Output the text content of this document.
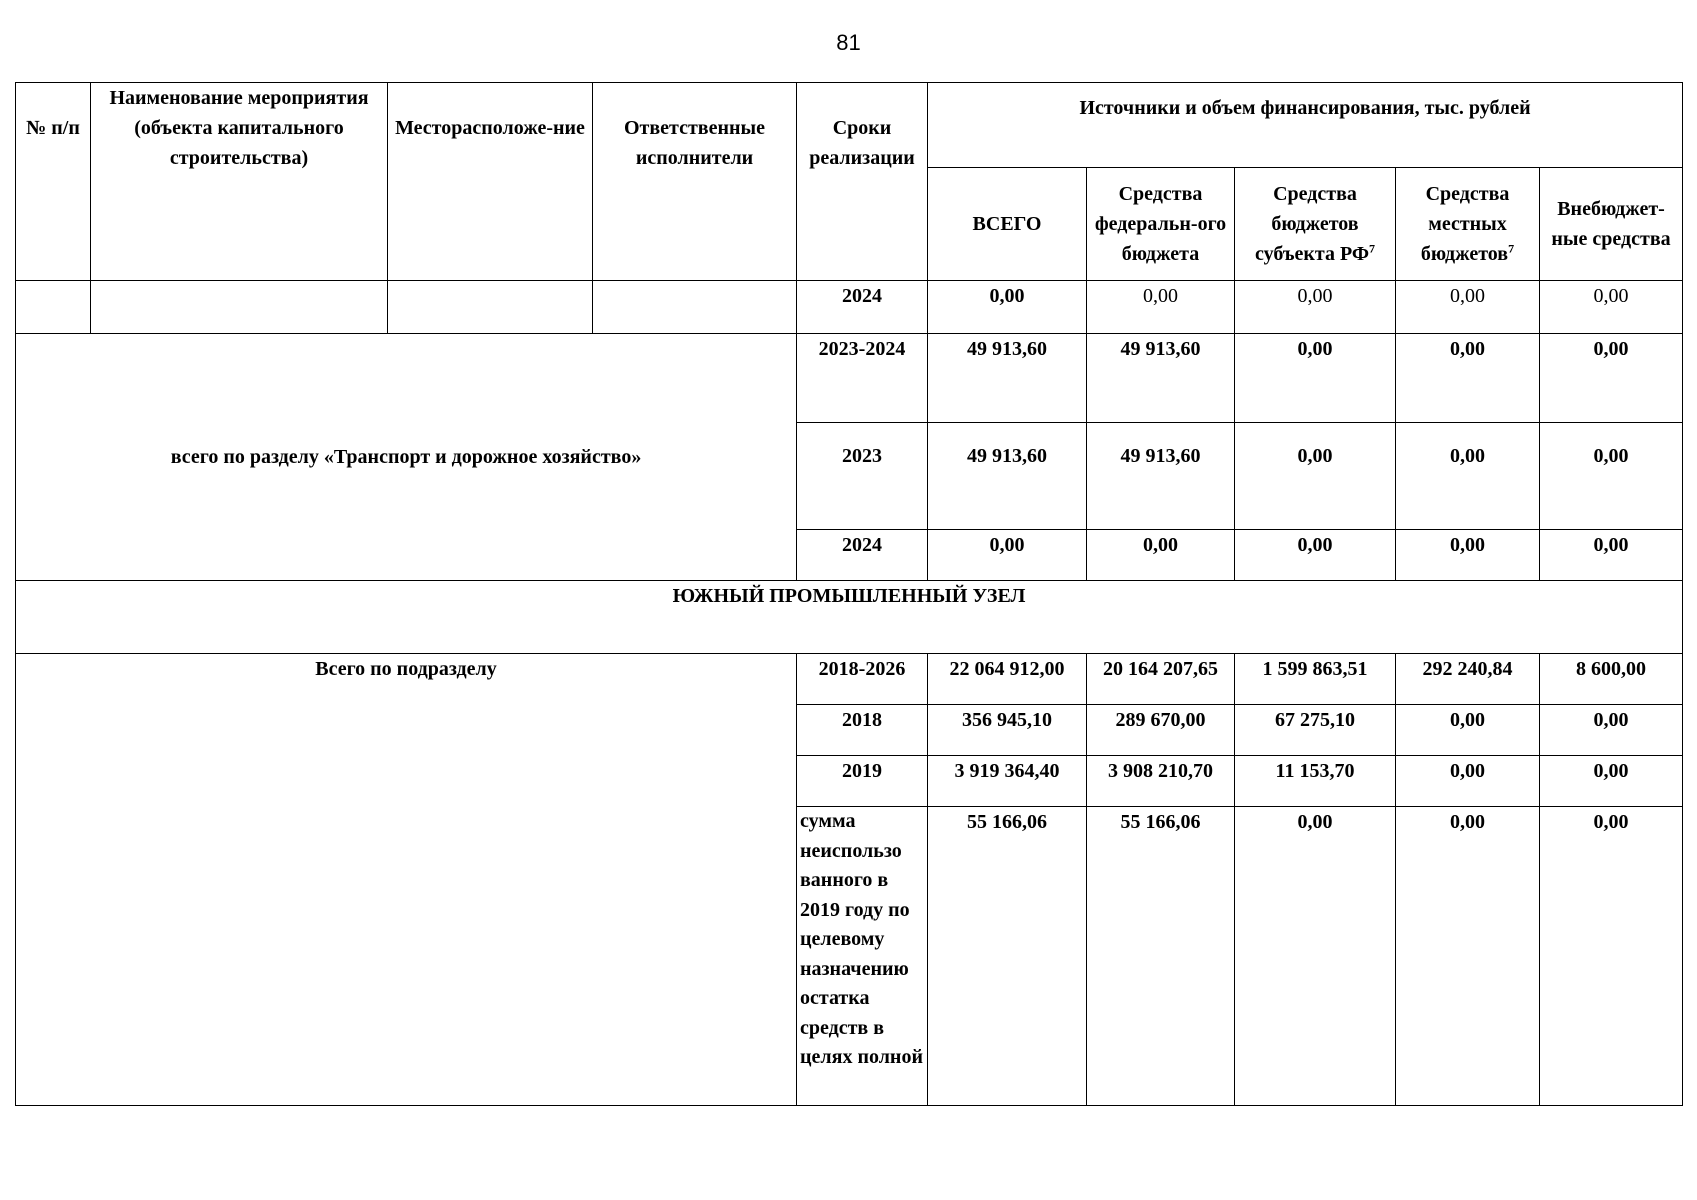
81
№ п/п	Наименование мероприятия (объекта капитального строительства)	Месторасположе-ние	Ответственные исполнители	Сроки реализации	Источники и объем финансирования, тыс. рублей				
					ВСЕГО	Средства федеральн-ого бюджета	Средства бюджетов субъекта $РФ^7$	Средства местных бюджетов$^7$	Внебюджет-ные средства
				2024	0,00	0,00	0,00	0,00	0,00
всего по разделу «Транспорт и дорожное хозяйство»				2023-2024	49 913,60	49 913,60	0,00	0,00	0,00
				2023	49 913,60	49 913,60	0,00	0,00	0,00
				2024	0,00	0,00	0,00	0,00	0,00
ЮЖНЫЙ ПРОМЫШЛЕННЫЙ УЗЕЛ									
Всего по подразделу				2018-2026	22 064 912,00	20 164 207,65	1 599 863,51	292 240,84	8 600,00
				2018	356 945,10	289 670,00	67 275,10	0,00	0,00
				2019	3 919 364,40	3 908 210,70	11 153,70	0,00	0,00
				сумма неиспользо ванного в 2019 году по целевому назначению остатка средств в целях полной	55 166,06	55 166,06	0,00	0,00	0,00
